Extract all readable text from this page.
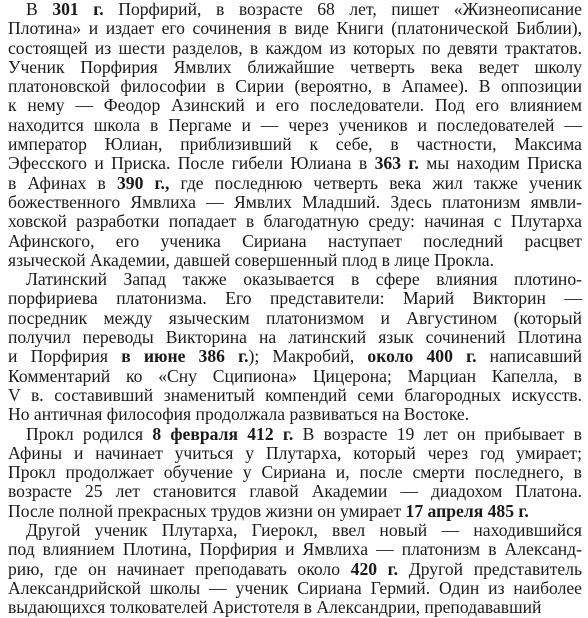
В 301 г. Порфирий, в возрасте 68 лет, пишет «Жизнеописание
Плотина» и издает его сочинения в виде Книги (платонической Библии),
состоящей из шести разделов, в каждом из которых по девяти трактатов.
Ученик Порфирия Ямвлих ближайшие четверть века ведет школу
платоновской философии в Сирии (вероятно, в Апамее). В оппозиции
к нему — Феодор Азинский и его последователи. Под его влиянием
находится школа в Пергаме и — через учеников и последователей —
император Юлиан, приблизивший к себе, в частности, Максима
Эфесского и Приска. После гибели Юлиана в 363 г. мы находим Приска
в Афинах в 390 г., где последнюю четверть века жил также ученик
божественного Ямвлиха — Ямвлих Младший. Здесь платонизм ямвли-
ховской разработки попадает в благодатную среду: начиная с Плутарха
Афинского, его ученика Сириана наступает последний расцвет
языческой Академии, давшей совершенный плод в лице Прокла.
Латинский Запад также оказывается в сфере влияния плотино-
порфириева платонизма. Его представители: Марий Викторин —
посредник между языческим платонизмом и Августином (который
получил переводы Викторина на латинский язык сочинений Плотина
и Порфирия в июне 386 г.); Макробий, около 400 г. написавший
Комментарий ко «Сну Сципиона» Цицерона; Марциан Капелла, в
V в. составивший знаменитый компендий семи благородных искусств.
Но античная философия продолжала развиваться на Востоке.
Прокл родился 8 февраля 412 г. В возрасте 19 лет он прибывает в
Афины и начинает учиться у Плутарха, который через год умирает;
Прокл продолжает обучение у Сириана и, после смерти последнего, в
возрасте 25 лет становится главой Академии — диадохом Платона.
После полной прекрасных трудов жизни он умирает 17 апреля 485 г.
Другой ученик Плутарха, Гиерокл, ввел новый — находившийся
под влиянием Плотина, Порфирия и Ямвлиха — платонизм в Александ-
рию, где он начинает преподавать около 420 г. Другой представитель
Александрийской школы — ученик Сириана Гермий. Один из наиболее
выдающихся толкователей Аристотеля в Александрии, преподававший
